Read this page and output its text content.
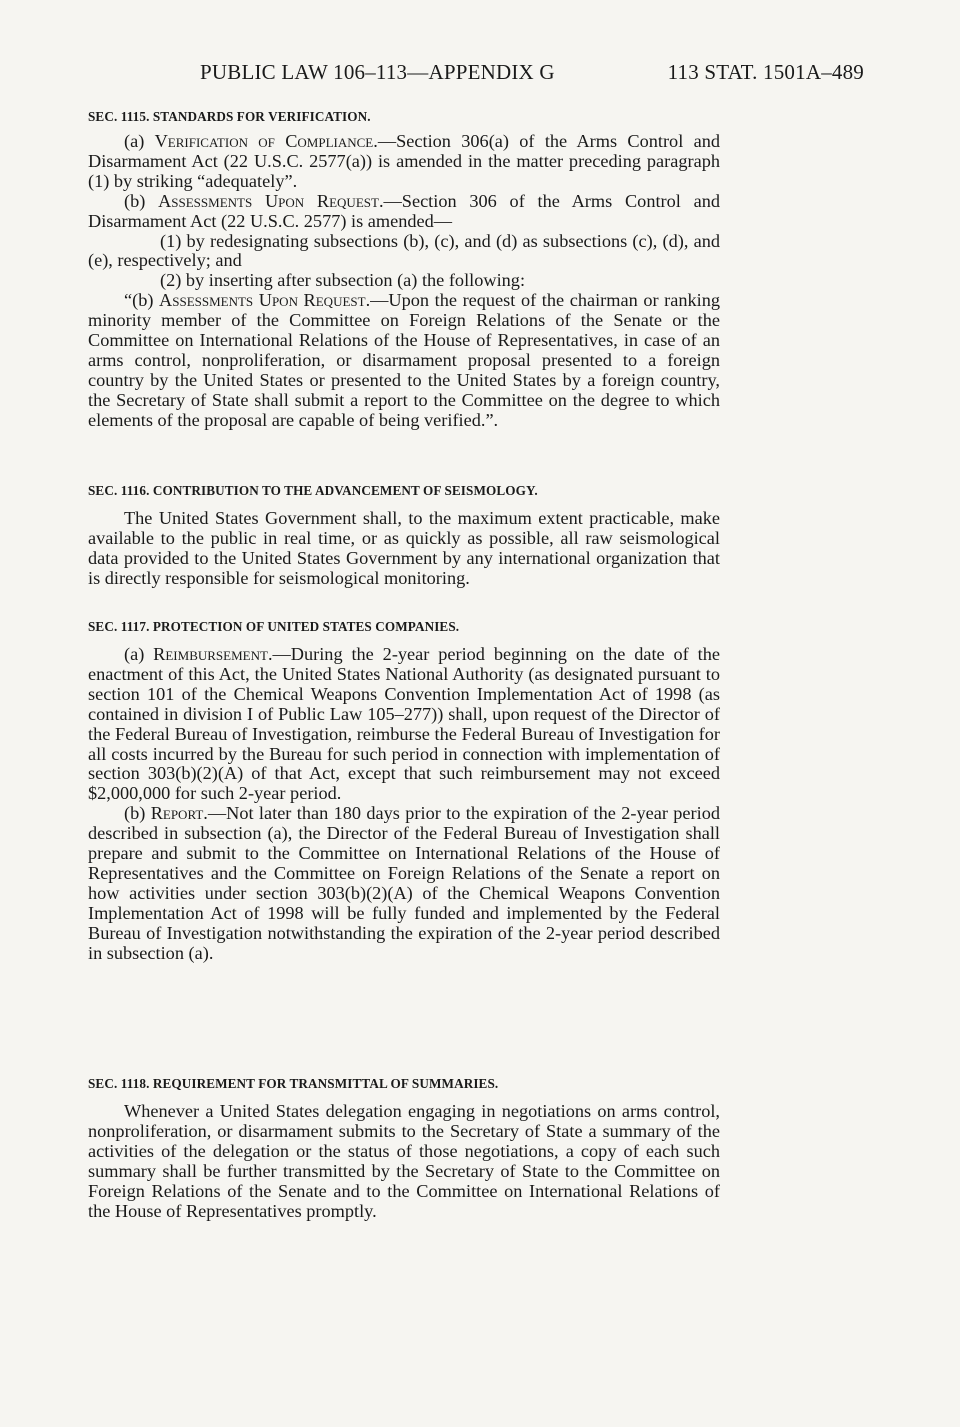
PUBLIC LAW 106–113—APPENDIX G	113 STAT. 1501A–489
SEC. 1115. STANDARDS FOR VERIFICATION.

(a) Verification of Compliance.—Section 306(a) of the Arms Control and Disarmament Act (22 U.S.C. 2577(a)) is amended in the matter preceding paragraph (1) by striking “adequately”.

(b) Assessments Upon Request.—Section 306 of the Arms Control and Disarmament Act (22 U.S.C. 2577) is amended—

(1) by redesignating subsections (b), (c), and (d) as subsections (c), (d), and (e), respectively; and

(2) by inserting after subsection (a) the following:

“(b) Assessments Upon Request.—Upon the request of the chairman or ranking minority member of the Committee on Foreign Relations of the Senate or the Committee on International Relations of the House of Representatives, in case of an arms control, nonproliferation, or disarmament proposal presented to a foreign country by the United States or presented to the United States by a foreign country, the Secretary of State shall submit a report to the Committee on the degree to which elements of the proposal are capable of being verified.”.

SEC. 1116. CONTRIBUTION TO THE ADVANCEMENT OF SEISMOLOGY.

The United States Government shall, to the maximum extent practicable, make available to the public in real time, or as quickly as possible, all raw seismological data provided to the United States Government by any international organization that is directly responsible for seismological monitoring.

SEC. 1117. PROTECTION OF UNITED STATES COMPANIES.

(a) Reimbursement.—During the 2-year period beginning on the date of the enactment of this Act, the United States National Authority (as designated pursuant to section 101 of the Chemical Weapons Convention Implementation Act of 1998 (as contained in division I of Public Law 105–277)) shall, upon request of the Director of the Federal Bureau of Investigation, reimburse the Federal Bureau of Investigation for all costs incurred by the Bureau for such period in connection with implementation of section 303(b)(2)(A) of that Act, except that such reimbursement may not exceed $2,000,000 for such 2-year period.

(b) Report.—Not later than 180 days prior to the expiration of the 2-year period described in subsection (a), the Director of the Federal Bureau of Investigation shall prepare and submit to the Committee on International Relations of the House of Representatives and the Committee on Foreign Relations of the Senate a report on how activities under section 303(b)(2)(A) of the Chemical Weapons Convention Implementation Act of 1998 will be fully funded and implemented by the Federal Bureau of Investigation notwithstanding the expiration of the 2-year period described in subsection (a).

SEC. 1118. REQUIREMENT FOR TRANSMITTAL OF SUMMARIES.

Whenever a United States delegation engaging in negotiations on arms control, nonproliferation, or disarmament submits to the Secretary of State a summary of the activities of the delegation or the status of those negotiations, a copy of each such summary shall be further transmitted by the Secretary of State to the Committee on Foreign Relations of the Senate and to the Committee on International Relations of the House of Representatives promptly.
